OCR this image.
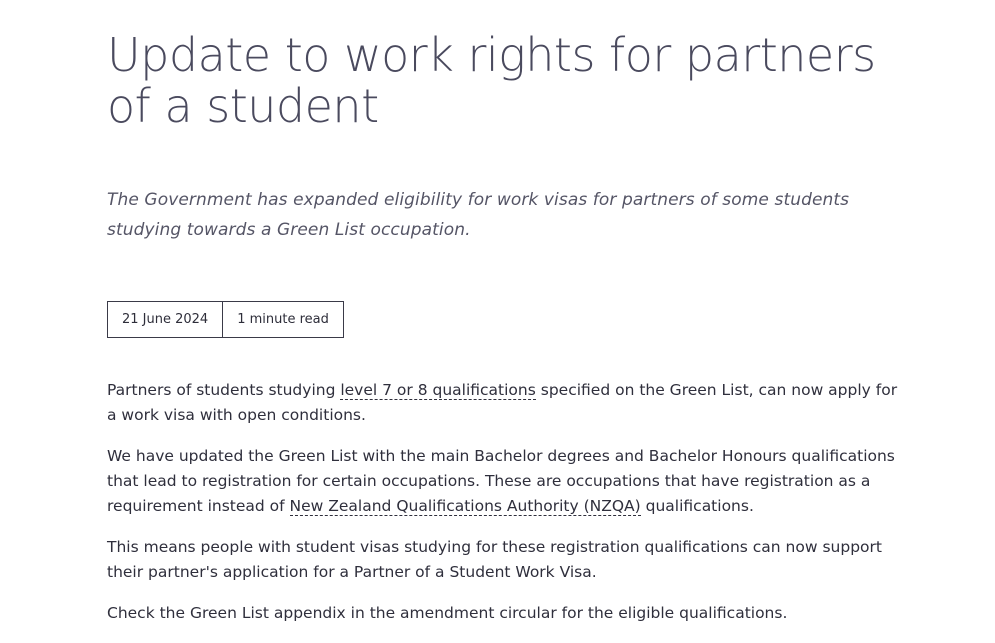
Update to work rights for partners of a student

The Government has expanded eligibility for work visas for partners of some students studying towards a Green List occupation.

21 June 2024	1 minute read

Partners of students studying level 7 or 8 qualifications specified on the Green List, can now apply for a work visa with open conditions.

We have updated the Green List with the main Bachelor degrees and Bachelor Honours qualifications that lead to registration for certain occupations. These are occupations that have registration as a requirement instead of New Zealand Qualifications Authority (NZQA) qualifications.

This means people with student visas studying for these registration qualifications can now support their partner's application for a Partner of a Student Work Visa.

Check the Green List appendix in the amendment circular for the eligible qualifications.
